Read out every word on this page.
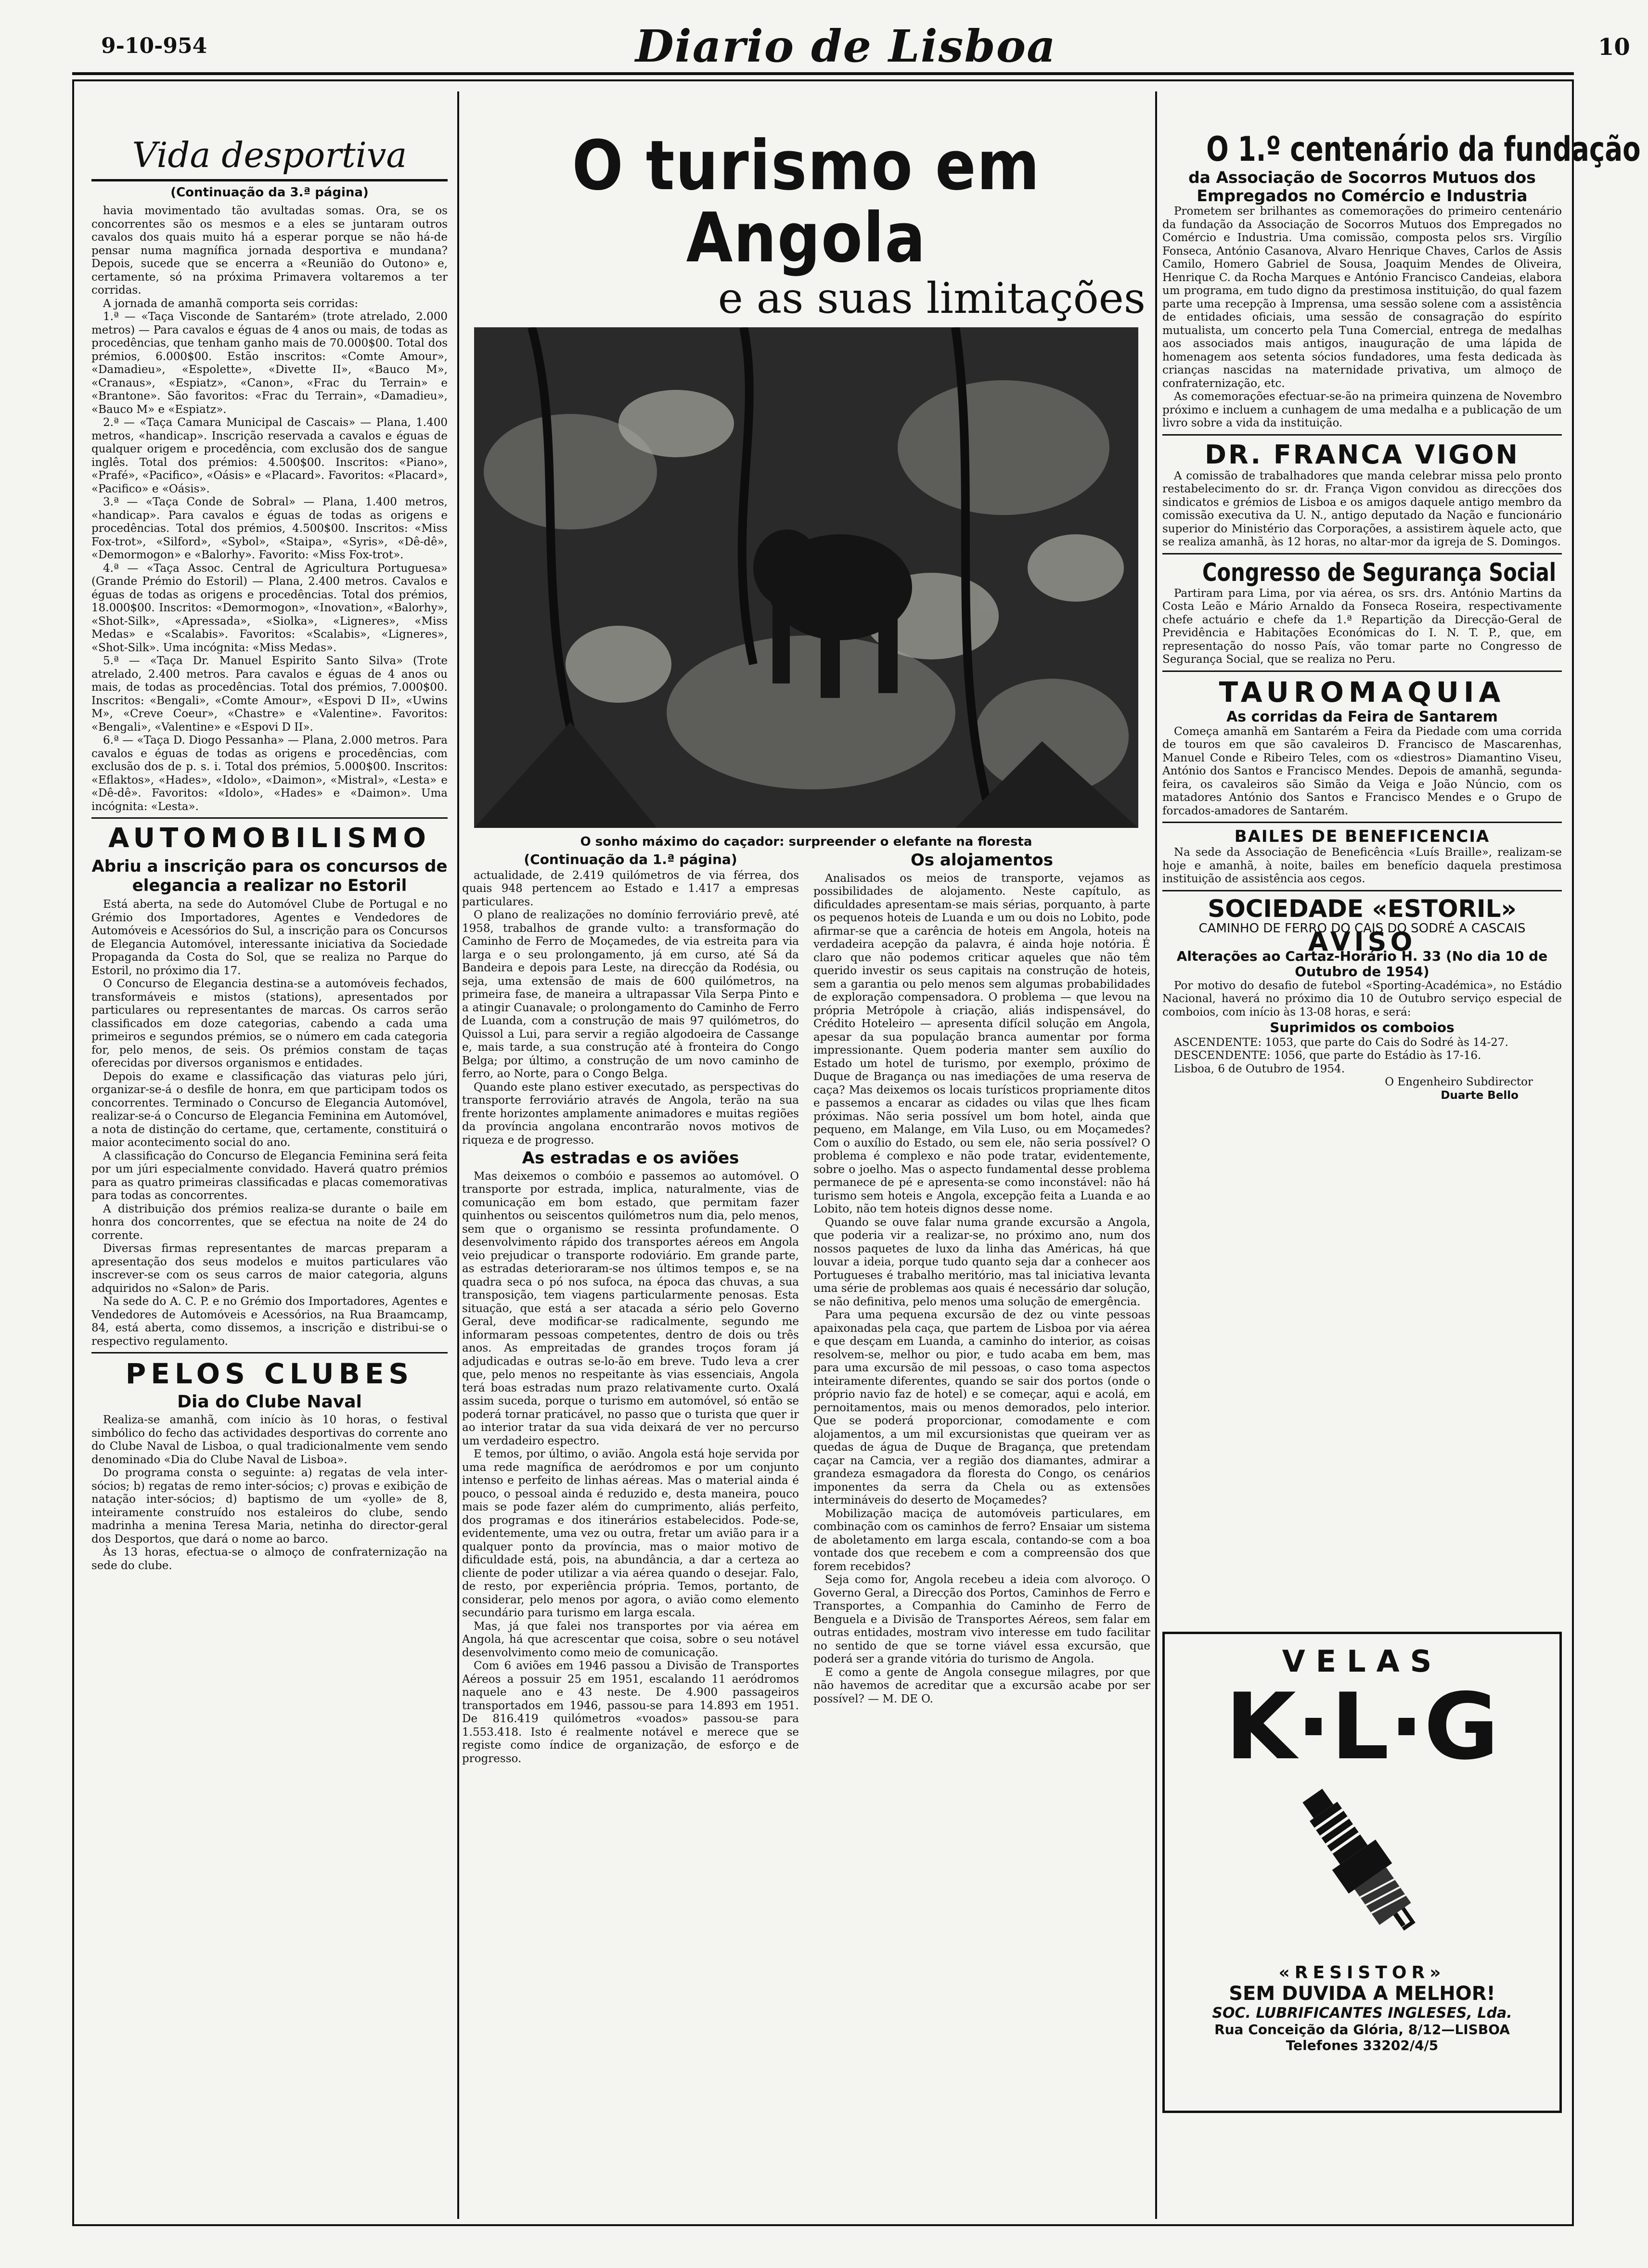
9-10-954	Diario de Lisboa	10
Vida desportiva
(Continuação da 3.ª página)

havia movimentado tão avultadas somas. Ora, se os concorrentes são os mesmos e a eles se juntaram outros cavalos dos quais muito há a esperar porque se não há-de pensar numa magnífica jornada desportiva e mundana? Depois, sucede que se encerra a «Reunião do Outono» e, certamente, só na próxima Primavera voltaremos a ter corridas.

A jornada de amanhã comporta seis corridas:

1.ª — «Taça Visconde de Santarém» (trote atrelado, 2.000 metros) — Para cavalos e éguas de 4 anos ou mais, de todas as procedências, que tenham ganho mais de 70.000$00. Total dos prémios, 6.000$00. Estão inscritos: «Comte Amour», «Damadieu», «Espolette», «Divette II», «Bauco M», «Cranaus», «Espiatz», «Canon», «Frac du Terrain» e «Brantone». São favoritos: «Frac du Terrain», «Damadieu», «Bauco M» e «Espiatz».

2.ª — «Taça Camara Municipal de Cascais» — Plana, 1.400 metros, «handicap». Inscrição reservada a cavalos e éguas de qualquer origem e procedência, com exclusão dos de sangue inglês. Total dos prémios: 4.500$00. Inscritos: «Piano», «Prafé», «Pacifico», «Oásis» e «Placard». Favoritos: «Placard», «Pacifico» e «Oásis».

3.ª — «Taça Conde de Sobral» — Plana, 1.400 metros, «handicap». Para cavalos e éguas de todas as origens e procedências. Total dos prémios, 4.500$00. Inscritos: «Miss Fox-trot», «Silford», «Sybol», «Staipa», «Syris», «Dê-dê», «Demormogon» e «Balorhy». Favorito: «Miss Fox-trot».

4.ª — «Taça Assoc. Central de Agricultura Portuguesa» (Grande Prémio do Estoril) — Plana, 2.400 metros. Cavalos e éguas de todas as origens e procedências. Total dos prémios, 18.000$00. Inscritos: «Demormogon», «Inovation», «Balorhy», «Shot-Silk», «Apressada», «Siolka», «Ligneres», «Miss Medas» e «Scalabis». Favoritos: «Scalabis», «Ligneres», «Shot-Silk». Uma incógnita: «Miss Medas».

5.ª — «Taça Dr. Manuel Espirito Santo Silva» (Trote atrelado, 2.400 metros. Para cavalos e éguas de 4 anos ou mais, de todas as procedências. Total dos prémios, 7.000$00. Inscritos: «Bengali», «Comte Amour», «Espovi D II», «Uwins M», «Creve Coeur», «Chastre» e «Valentine». Favoritos: «Bengali», «Valentine» e «Espovi D II».

6.ª — «Taça D. Diogo Pessanha» — Plana, 2.000 metros. Para cavalos e éguas de todas as origens e procedências, com exclusão dos de p. s. i. Total dos prémios, 5.000$00. Inscritos: «Eflaktos», «Hades», «Idolo», «Daimon», «Mistral», «Lesta» e «Dê-dê». Favoritos: «Idolo», «Hades» e «Daimon». Uma incógnita: «Lesta».

AUTOMOBILISMO
Abriu a inscrição para os concursos de elegancia a realizar no Estoril

Está aberta, na sede do Automóvel Clube de Portugal e no Grémio dos Importadores, Agentes e Vendedores de Automóveis e Acessórios do Sul, a inscrição para os Concursos de Elegancia Automóvel, interessante iniciativa da Sociedade Propaganda da Costa do Sol, que se realiza no Parque do Estoril, no próximo dia 17.

O Concurso de Elegancia destina-se a automóveis fechados, transformáveis e mistos (stations), apresentados por particulares ou representantes de marcas. Os carros serão classificados em doze categorias, cabendo a cada uma primeiros e segundos prémios, se o número em cada categoria for, pelo menos, de seis. Os prémios constam de taças oferecidas por diversos organismos e entidades.

Depois do exame e classificação das viaturas pelo júri, organizar-se-á o desfile de honra, em que participam todos os concorrentes. Terminado o Concurso de Elegancia Automóvel, realizar-se-á o Concurso de Elegancia Feminina em Automóvel, a nota de distinção do certame, que, certamente, constituirá o maior acontecimento social do ano.

A classificação do Concurso de Elegancia Feminina será feita por um júri especialmente convidado. Haverá quatro prémios para as quatro primeiras classificadas e placas comemorativas para todas as concorrentes.

A distribuição dos prémios realiza-se durante o baile em honra dos concorrentes, que se efectua na noite de 24 do corrente.

Diversas firmas representantes de marcas preparam a apresentação dos seus modelos e muitos particulares vão inscrever-se com os seus carros de maior categoria, alguns adquiridos no «Salon» de Paris.

Na sede do A. C. P. e no Grémio dos Importadores, Agentes e Vendedores de Automóveis e Acessórios, na Rua Braamcamp, 84, está aberta, como dissemos, a inscrição e distribui-se o respectivo regulamento.

PELOS CLUBES
Dia do Clube Naval

Realiza-se amanhã, com início às 10 horas, o festival simbólico do fecho das actividades desportivas do corrente ano do Clube Naval de Lisboa, o qual tradicionalmente vem sendo denominado «Dia do Clube Naval de Lisboa».

Do programa consta o seguinte: a) regatas de vela inter-sócios; b) regatas de remo inter-sócios; c) provas e exibição de natação inter-sócios; d) baptismo de um «yolle» de 8, inteiramente construído nos estaleiros do clube, sendo madrinha a menina Teresa Maria, netinha do director-geral dos Desportos, que dará o nome ao barco.

Às 13 horas, efectua-se o almoço de confraternização na sede do clube.

O turismo em Angola
e as suas limitações
O sonho máximo do caçador: surpreender o elefante na floresta
(Continuação da 1.ª página)

actualidade, de 2.419 quilómetros de via férrea, dos quais 948 pertencem ao Estado e 1.417 a empresas particulares.

O plano de realizações no domínio ferroviário prevê, até 1958, trabalhos de grande vulto: a transformação do Caminho de Ferro de Moçamedes, de via estreita para via larga e o seu prolongamento, já em curso, até Sá da Bandeira e depois para Leste, na direcção da Rodésia, ou seja, uma extensão de mais de 600 quilómetros, na primeira fase, de maneira a ultrapassar Vila Serpa Pinto e a atingir Cuanavale; o prolongamento do Caminho de Ferro de Luanda, com a construção de mais 97 quilómetros, do Quissol a Lui, para servir a região algodoeira de Cassange e, mais tarde, a sua construção até à fronteira do Congo Belga; por último, a construção de um novo caminho de ferro, ao Norte, para o Congo Belga.

Quando este plano estiver executado, as perspectivas do transporte ferroviário através de Angola, terão na sua frente horizontes amplamente animadores e muitas regiões da província angolana encontrarão novos motivos de riqueza e de progresso.

As estradas e os aviões

Mas deixemos o combóio e passemos ao automóvel. O transporte por estrada, implica, naturalmente, vias de comunicação em bom estado, que permitam fazer quinhentos ou seiscentos quilómetros num dia, pelo menos, sem que o organismo se ressinta profundamente. O desenvolvimento rápido dos transportes aéreos em Angola veio prejudicar o transporte rodoviário. Em grande parte, as estradas deterioraram-se nos últimos tempos e, se na quadra seca o pó nos sufoca, na época das chuvas, a sua transposição, tem viagens particularmente penosas. Esta situação, que está a ser atacada a sério pelo Governo Geral, deve modificar-se radicalmente, segundo me informaram pessoas competentes, dentro de dois ou três anos. As empreitadas de grandes troços foram já adjudicadas e outras se-lo-ão em breve. Tudo leva a crer que, pelo menos no respeitante às vias essenciais, Angola terá boas estradas num prazo relativamente curto. Oxalá assim suceda, porque o turismo em automóvel, só então se poderá tornar praticável, no passo que o turista que quer ir ao interior tratar da sua vida deixará de ver no percurso um verdadeiro espectro.

E temos, por último, o avião. Angola está hoje servida por uma rede magnífica de aeródromos e por um conjunto intenso e perfeito de linhas aéreas. Mas o material ainda é pouco, o pessoal ainda é reduzido e, desta maneira, pouco mais se pode fazer além do cumprimento, aliás perfeito, dos programas e dos itinerários estabelecidos. Pode-se, evidentemente, uma vez ou outra, fretar um avião para ir a qualquer ponto da província, mas o maior motivo de dificuldade está, pois, na abundância, a dar a certeza ao cliente de poder utilizar a via aérea quando o desejar. Falo, de resto, por experiência própria. Temos, portanto, de considerar, pelo menos por agora, o avião como elemento secundário para turismo em larga escala.

Mas, já que falei nos transportes por via aérea em Angola, há que acrescentar que coisa, sobre o seu notável desenvolvimento como meio de comunicação.

Com 6 aviões em 1946 passou a Divisão de Transportes Aéreos a possuir 25 em 1951, escalando 11 aeródromos naquele ano e 43 neste. De 4.900 passageiros transportados em 1946, passou-se para 14.893 em 1951. De 816.419 quilómetros «voados» passou-se para 1.553.418. Isto é realmente notável e merece que se registe como índice de organização, de esforço e de progresso.

Os alojamentos

Analisados os meios de transporte, vejamos as possibilidades de alojamento. Neste capítulo, as dificuldades apresentam-se mais sérias, porquanto, à parte os pequenos hoteis de Luanda e um ou dois no Lobito, pode afirmar-se que a carência de hoteis em Angola, hoteis na verdadeira acepção da palavra, é ainda hoje notória. É claro que não podemos criticar aqueles que não têm querido investir os seus capitais na construção de hoteis, sem a garantia ou pelo menos sem algumas probabilidades de exploração compensadora. O problema — que levou na própria Metrópole à criação, aliás indispensável, do Crédito Hoteleiro — apresenta difícil solução em Angola, apesar da sua população branca aumentar por forma impressionante. Quem poderia manter sem auxílio do Estado um hotel de turismo, por exemplo, próximo de Duque de Bragança ou nas imediações de uma reserva de caça? Mas deixemos os locais turísticos propriamente ditos e passemos a encarar as cidades ou vilas que lhes ficam próximas. Não seria possível um bom hotel, ainda que pequeno, em Malange, em Vila Luso, ou em Moçamedes? Com o auxílio do Estado, ou sem ele, não seria possível? O problema é complexo e não pode tratar, evidentemente, sobre o joelho. Mas o aspecto fundamental desse problema permanece de pé e apresenta-se como inconstável: não há turismo sem hoteis e Angola, excepção feita a Luanda e ao Lobito, não tem hoteis dignos desse nome.

Quando se ouve falar numa grande excursão a Angola, que poderia vir a realizar-se, no próximo ano, num dos nossos paquetes de luxo da linha das Américas, há que louvar a ideia, porque tudo quanto seja dar a conhecer aos Portugueses é trabalho meritório, mas tal iniciativa levanta uma série de problemas aos quais é necessário dar solução, se não definitiva, pelo menos uma solução de emergência.

Para uma pequena excursão de dez ou vinte pessoas apaixonadas pela caça, que partem de Lisboa por via aérea e que desçam em Luanda, a caminho do interior, as coisas resolvem-se, melhor ou pior, e tudo acaba em bem, mas para uma excursão de mil pessoas, o caso toma aspectos inteiramente diferentes, quando se sair dos portos (onde o próprio navio faz de hotel) e se começar, aqui e acolá, em pernoitamentos, mais ou menos demorados, pelo interior. Que se poderá proporcionar, comodamente e com alojamentos, a um mil excursionistas que queiram ver as quedas de água de Duque de Bragança, que pretendam caçar na Camcia, ver a região dos diamantes, admirar a grandeza esmagadora da floresta do Congo, os cenários imponentes da serra da Chela ou as extensões intermináveis do deserto de Moçamedes?

Mobilização maciça de automóveis particulares, em combinação com os caminhos de ferro? Ensaiar um sistema de aboletamento em larga escala, contando-se com a boa vontade dos que recebem e com a compreensão dos que forem recebidos?

Seja como for, Angola recebeu a ideia com alvoroço. O Governo Geral, a Direcção dos Portos, Caminhos de Ferro e Transportes, a Companhia do Caminho de Ferro de Benguela e a Divisão de Transportes Aéreos, sem falar em outras entidades, mostram vivo interesse em tudo facilitar no sentido de que se torne viável essa excursão, que poderá ser a grande vitória do turismo de Angola.

E como a gente de Angola consegue milagres, por que não havemos de acreditar que a excursão acabe por ser possível? — M. DE O.

O 1.º centenário da fundação
da Associação de Socorros Mutuos dos Empregados no Comércio e Industria

Prometem ser brilhantes as comemorações do primeiro centenário da fundação da Associação de Socorros Mutuos dos Empregados no Comércio e Industria. Uma comissão, composta pelos srs. Virgílio Fonseca, António Casanova, Alvaro Henrique Chaves, Carlos de Assis Camilo, Homero Gabriel de Sousa, Joaquim Mendes de Oliveira, Henrique C. da Rocha Marques e António Francisco Candeias, elabora um programa, em tudo digno da prestimosa instituição, do qual fazem parte uma recepção à Imprensa, uma sessão solene com a assistência de entidades oficiais, uma sessão de consagração do espírito mutualista, um concerto pela Tuna Comercial, entrega de medalhas aos associados mais antigos, inauguração de uma lápida de homenagem aos setenta sócios fundadores, uma festa dedicada às crianças nascidas na maternidade privativa, um almoço de confraternização, etc.

As comemorações efectuar-se-ão na primeira quinzena de Novembro próximo e incluem a cunhagem de uma medalha e a publicação de um livro sobre a vida da instituição.

DR. FRANCA VIGON

A comissão de trabalhadores que manda celebrar missa pelo pronto restabelecimento do sr. dr. França Vigon convidou as direcções dos sindicatos e grémios de Lisboa e os amigos daquele antigo membro da comissão executiva da U. N., antigo deputado da Nação e funcionário superior do Ministério das Corporações, a assistirem àquele acto, que se realiza amanhã, às 12 horas, no altar-mor da igreja de S. Domingos.

Congresso de Segurança Social

Partiram para Lima, por via aérea, os srs. drs. António Martins da Costa Leão e Mário Arnaldo da Fonseca Roseira, respectivamente chefe actuário e chefe da 1.ª Repartição da Direcção-Geral de Previdência e Habitações Económicas do I. N. T. P., que, em representação do nosso País, vão tomar parte no Congresso de Segurança Social, que se realiza no Peru.

TAUROMAQUIA
As corridas da Feira de Santarem

Começa amanhã em Santarém a Feira da Piedade com uma corrida de touros em que são cavaleiros D. Francisco de Mascarenhas, Manuel Conde e Ribeiro Teles, com os «diestros» Diamantino Viseu, António dos Santos e Francisco Mendes. Depois de amanhã, segunda-feira, os cavaleiros são Simão da Veiga e João Núncio, com os matadores António dos Santos e Francisco Mendes e o Grupo de forcados-amadores de Santarém.

BAILES DE BENEFICENCIA

Na sede da Associação de Beneficência «Luís Braille», realizam-se hoje e amanhã, à noite, bailes em benefício daquela prestimosa instituição de assistência aos cegos.

SOCIEDADE «ESTORIL»
CAMINHO DE FERRO DO CAIS DO SODRÉ A CASCAIS
AVISO
Alterações ao Cartaz-Horário H. 33 (No dia 10 de Outubro de 1954)

Por motivo do desafio de futebol «Sporting-Académica», no Estádio Nacional, haverá no próximo dia 10 de Outubro serviço especial de comboios, com início às 13-08 horas, e será:

Suprimidos os comboios

ASCENDENTE: 1053, que parte do Cais do Sodré às 14-27.

DESCENDENTE: 1056, que parte do Estádio às 17-16.

Lisboa, 6 de Outubro de 1954.

O Engenheiro Subdirector

Duarte Bello

VELAS
K·L·G
«RESISTOR»
SEM DUVIDA A MELHOR!
SOC. LUBRIFICANTES INGLESES, Lda.
Rua Conceição da Glória, 8/12—LISBOA
Telefones 33202/4/5
